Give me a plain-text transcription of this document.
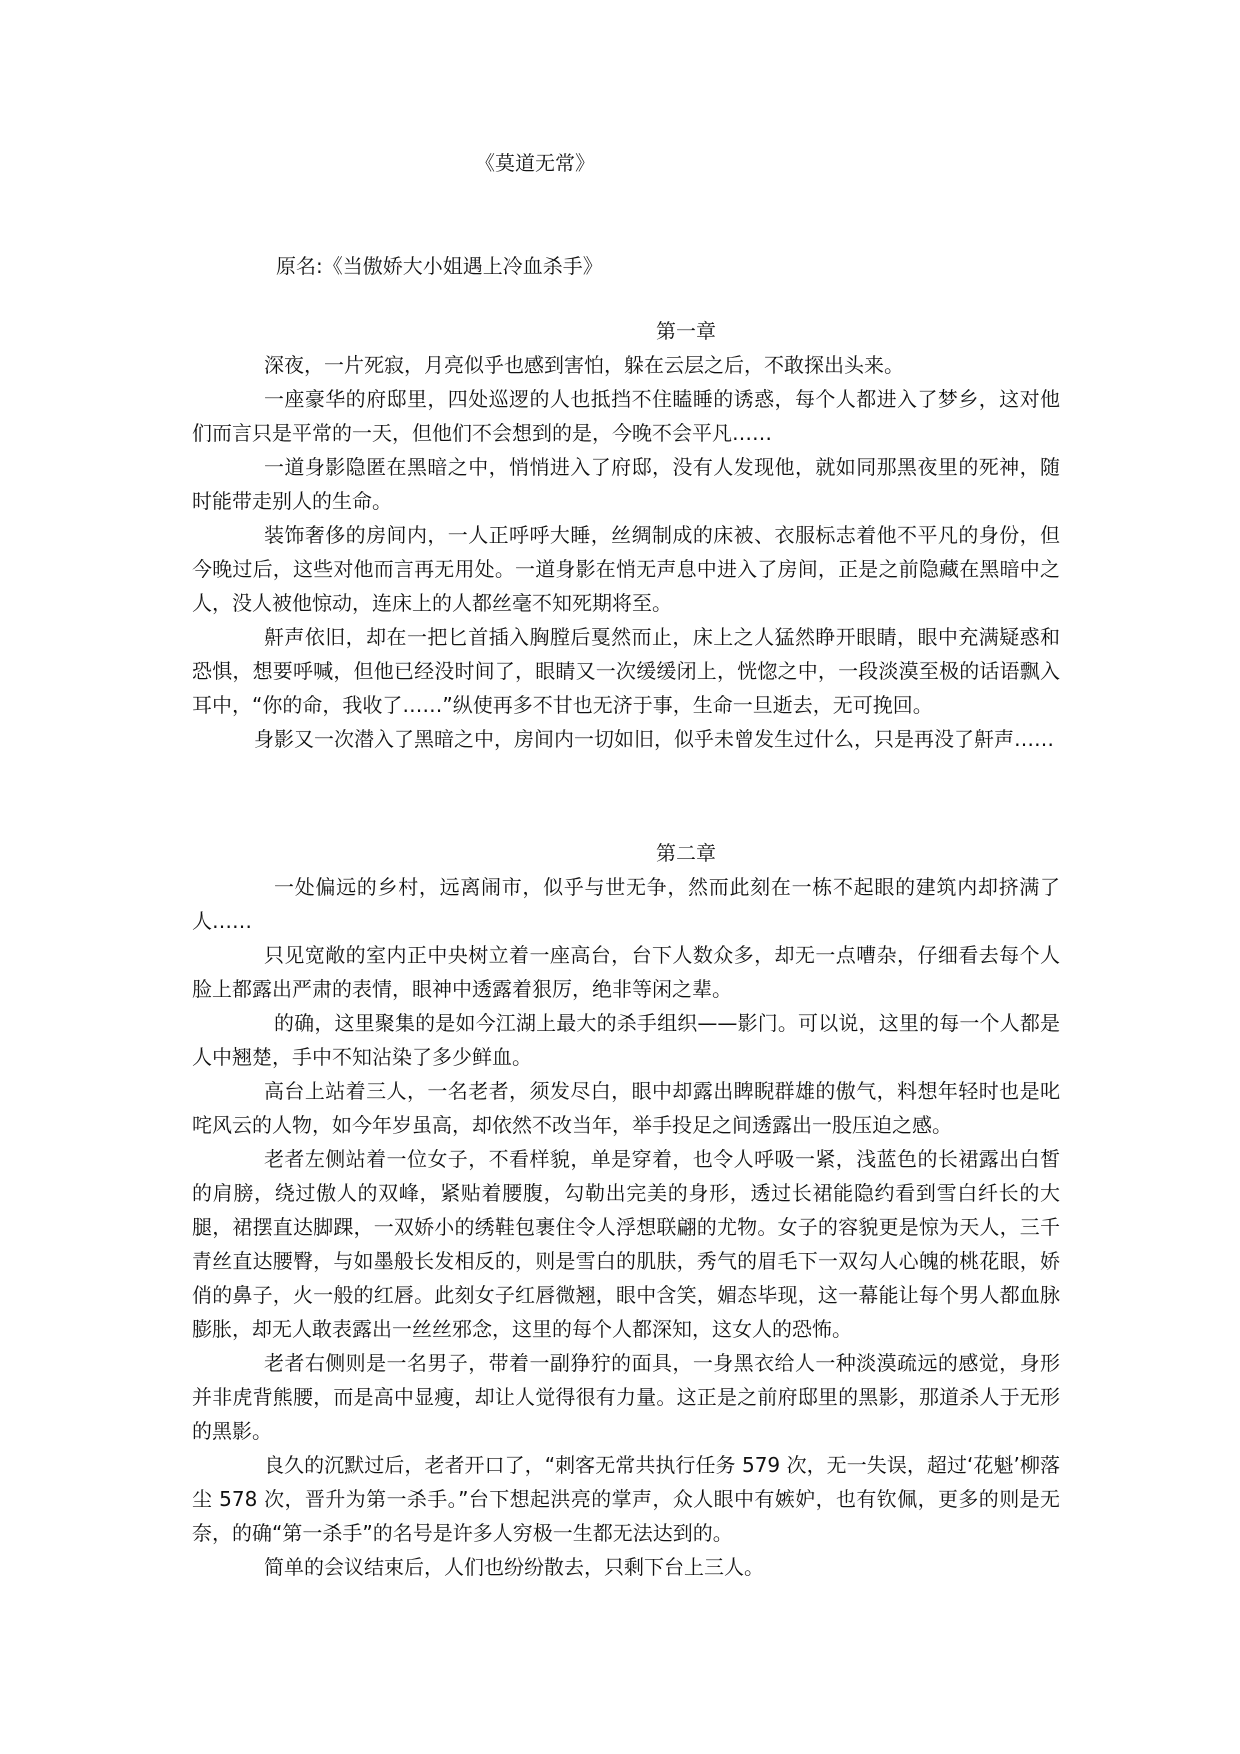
《莫道无常》
原名:《当傲娇大小姐遇上冷血杀手》
第一章

深夜，一片死寂，月亮似乎也感到害怕，躲在云层之后，不敢探出头来。

一座豪华的府邸里，四处巡逻的人也抵挡不住瞌睡的诱惑，每个人都进入了梦乡，这对他们而言只是平常的一天，但他们不会想到的是，今晚不会平凡……

一道身影隐匿在黑暗之中，悄悄进入了府邸，没有人发现他，就如同那黑夜里的死神，随时能带走别人的生命。

装饰奢侈的房间内，一人正呼呼大睡，丝绸制成的床被、衣服标志着他不平凡的身份，但今晚过后，这些对他而言再无用处。一道身影在悄无声息中进入了房间，正是之前隐藏在黑暗中之人，没人被他惊动，连床上的人都丝毫不知死期将至。

鼾声依旧，却在一把匕首插入胸膛后戛然而止，床上之人猛然睁开眼睛，眼中充满疑惑和恐惧，想要呼喊，但他已经没时间了，眼睛又一次缓缓闭上，恍惚之中，一段淡漠至极的话语飘入耳中，“你的命，我收了……”纵使再多不甘也无济于事，生命一旦逝去，无可挽回。

身影又一次潜入了黑暗之中，房间内一切如旧，似乎未曾发生过什么，只是再没了鼾声……

第二章

一处偏远的乡村，远离闹市，似乎与世无争，然而此刻在一栋不起眼的建筑内却挤满了人……

只见宽敞的室内正中央树立着一座高台，台下人数众多，却无一点嘈杂，仔细看去每个人脸上都露出严肃的表情，眼神中透露着狠厉，绝非等闲之辈。

的确，这里聚集的是如今江湖上最大的杀手组织——影门。可以说，这里的每一个人都是人中翘楚，手中不知沾染了多少鲜血。

高台上站着三人，一名老者，须发尽白，眼中却露出睥睨群雄的傲气，料想年轻时也是叱咤风云的人物，如今年岁虽高，却依然不改当年，举手投足之间透露出一股压迫之感。

老者左侧站着一位女子，不看样貌，单是穿着，也令人呼吸一紧，浅蓝色的长裙露出白皙的肩膀，绕过傲人的双峰，紧贴着腰腹，勾勒出完美的身形，透过长裙能隐约看到雪白纤长的大腿，裙摆直达脚踝，一双娇小的绣鞋包裹住令人浮想联翩的尤物。女子的容貌更是惊为天人，三千青丝直达腰臀，与如墨般长发相反的，则是雪白的肌肤，秀气的眉毛下一双勾人心魄的桃花眼，娇俏的鼻子，火一般的红唇。此刻女子红唇微翘，眼中含笑，媚态毕现，这一幕能让每个男人都血脉膨胀，却无人敢表露出一丝丝邪念，这里的每个人都深知，这女人的恐怖。

老者右侧则是一名男子，带着一副狰狞的面具，一身黑衣给人一种淡漠疏远的感觉，身形并非虎背熊腰，而是高中显瘦，却让人觉得很有力量。这正是之前府邸里的黑影，那道杀人于无形的黑影。

良久的沉默过后，老者开口了，“刺客无常共执行任务 579 次，无一失误，超过‘花魁’柳落尘 578 次，晋升为第一杀手。”台下想起洪亮的掌声，众人眼中有嫉妒，也有钦佩，更多的则是无奈，的确“第一杀手”的名号是许多人穷极一生都无法达到的。

简单的会议结束后，人们也纷纷散去，只剩下台上三人。
